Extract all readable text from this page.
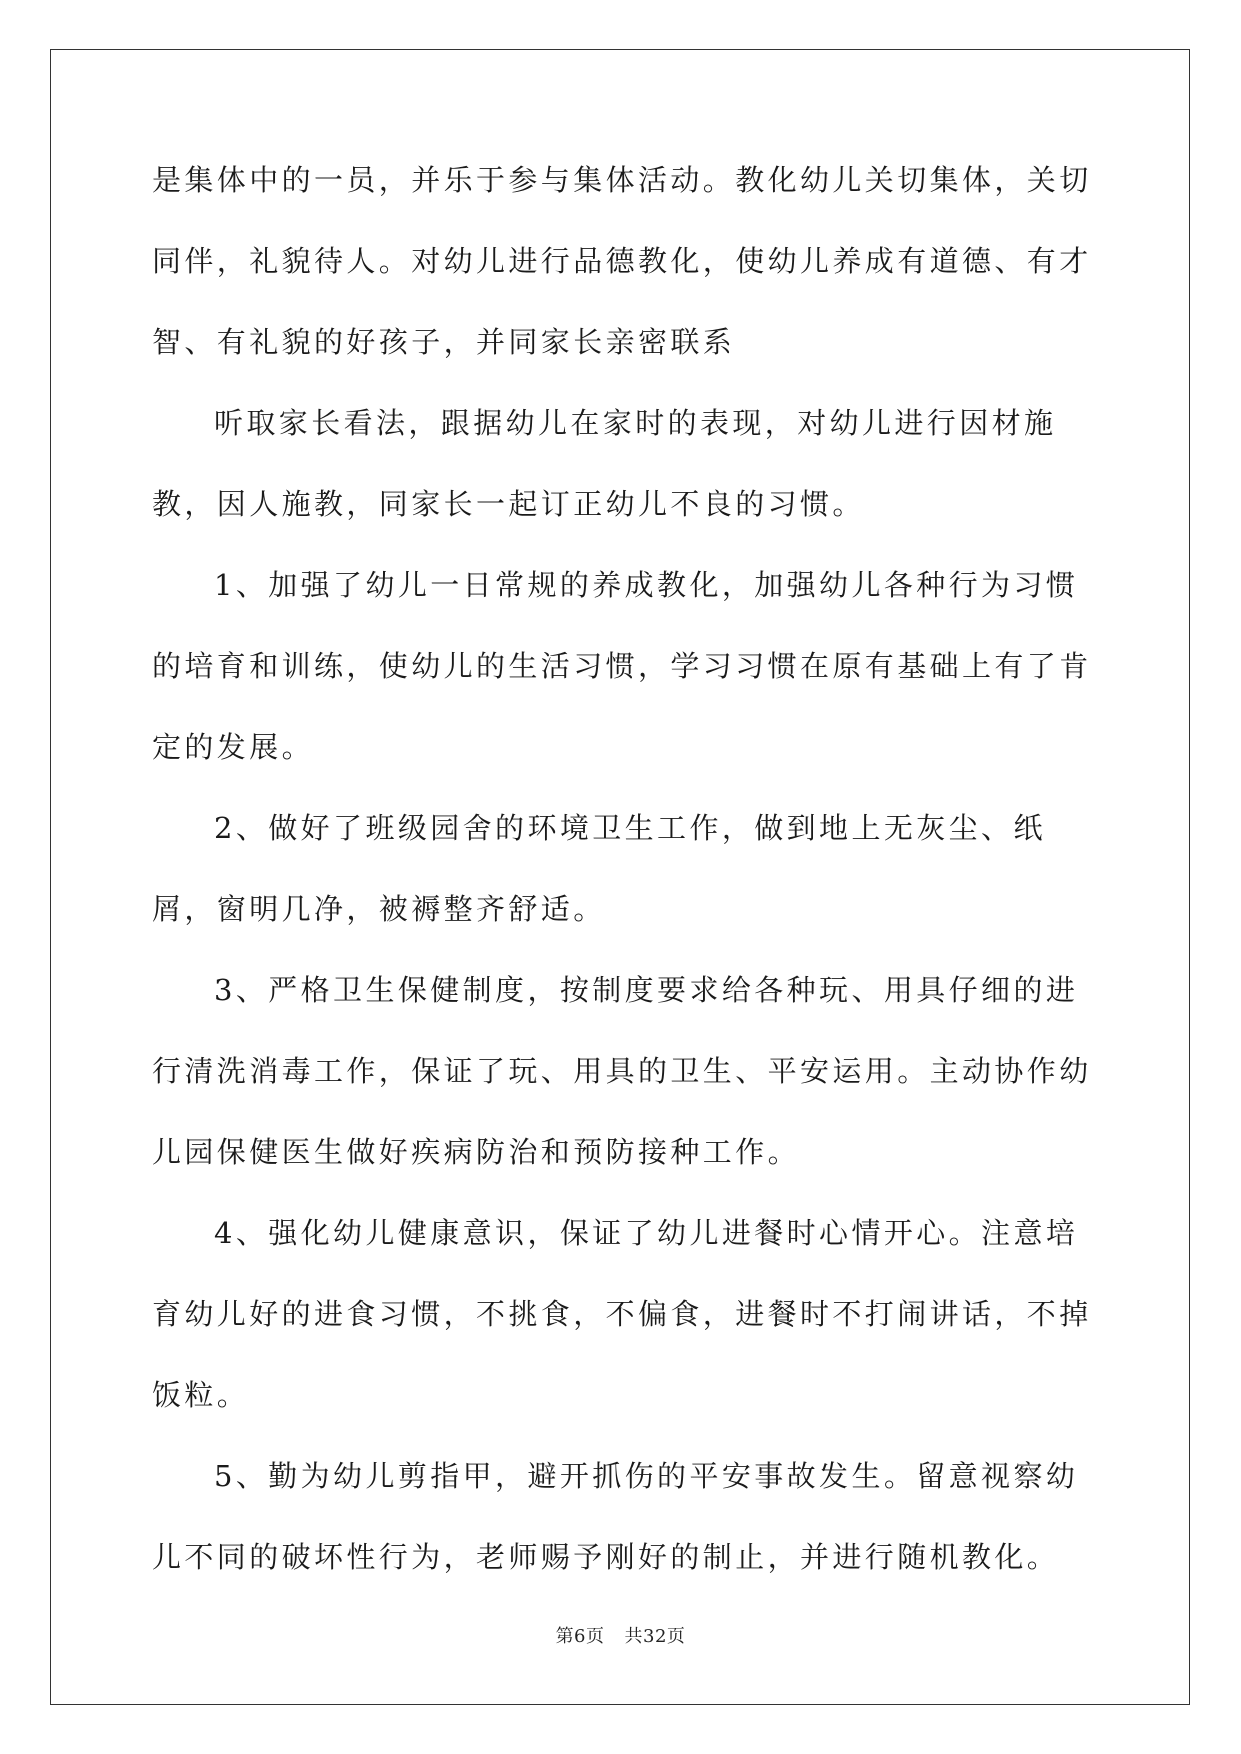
是集体中的一员，并乐于参与集体活动。教化幼儿关切集体，关切同伴，礼貌待人。对幼儿进行品德教化，使幼儿养成有道德、有才智、有礼貌的好孩子，并同家长亲密联系

听取家长看法，跟据幼儿在家时的表现，对幼儿进行因材施教，因人施教，同家长一起订正幼儿不良的习惯。

1、加强了幼儿一日常规的养成教化，加强幼儿各种行为习惯的培育和训练，使幼儿的生活习惯，学习习惯在原有基础上有了肯定的发展。

2、做好了班级园舍的环境卫生工作，做到地上无灰尘、纸屑，窗明几净，被褥整齐舒适。

3、严格卫生保健制度，按制度要求给各种玩、用具仔细的进行清洗消毒工作，保证了玩、用具的卫生、平安运用。主动协作幼儿园保健医生做好疾病防治和预防接种工作。

4、强化幼儿健康意识，保证了幼儿进餐时心情开心。注意培育幼儿好的进食习惯，不挑食，不偏食，进餐时不打闹讲话，不掉饭粒。

5、勤为幼儿剪指甲，避开抓伤的平安事故发生。留意视察幼儿不同的破坏性行为，老师赐予刚好的制止，并进行随机教化。

第6页 共32页
